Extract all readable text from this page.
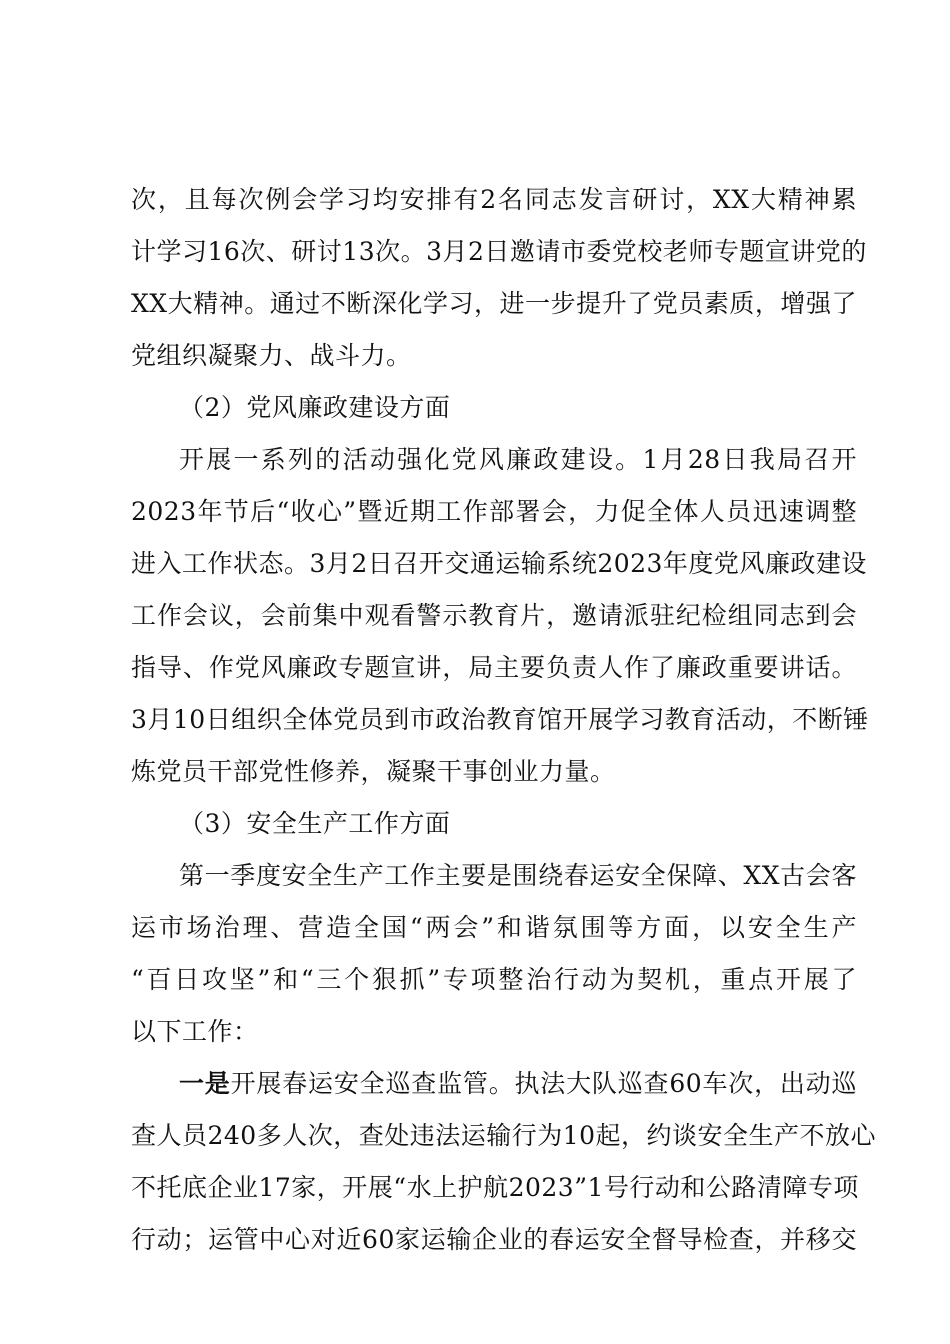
次，且每次例会学习均安排有2名同志发言研讨，XX大精神累
计学习16次、研讨13次。3月2日邀请市委党校老师专题宣讲党的
XX大精神。通过不断深化学习，进一步提升了党员素质，增强了
党组织凝聚力、战斗力。
（2）党风廉政建设方面
开展一系列的活动强化党风廉政建设。1月28日我局召开
2023年节后“收心”暨近期工作部署会，力促全体人员迅速调整
进入工作状态。3月2日召开交通运输系统2023年度党风廉政建设
工作会议，会前集中观看警示教育片，邀请派驻纪检组同志到会
指导、作党风廉政专题宣讲，局主要负责人作了廉政重要讲话。
3月10日组织全体党员到市政治教育馆开展学习教育活动，不断锤
炼党员干部党性修养，凝聚干事创业力量。
（3）安全生产工作方面
第一季度安全生产工作主要是围绕春运安全保障、XX古会客
运市场治理、营造全国“两会”和谐氛围等方面，以安全生产
“百日攻坚”和“三个狠抓”专项整治行动为契机，重点开展了
以下工作：
一是开展春运安全巡查监管。执法大队巡查60车次，出动巡
查人员240多人次，查处违法运输行为10起，约谈安全生产不放心
不托底企业17家，开展“水上护航2023”1号行动和公路清障专项
行动；运管中心对近60家运输企业的春运安全督导检查，并移交
